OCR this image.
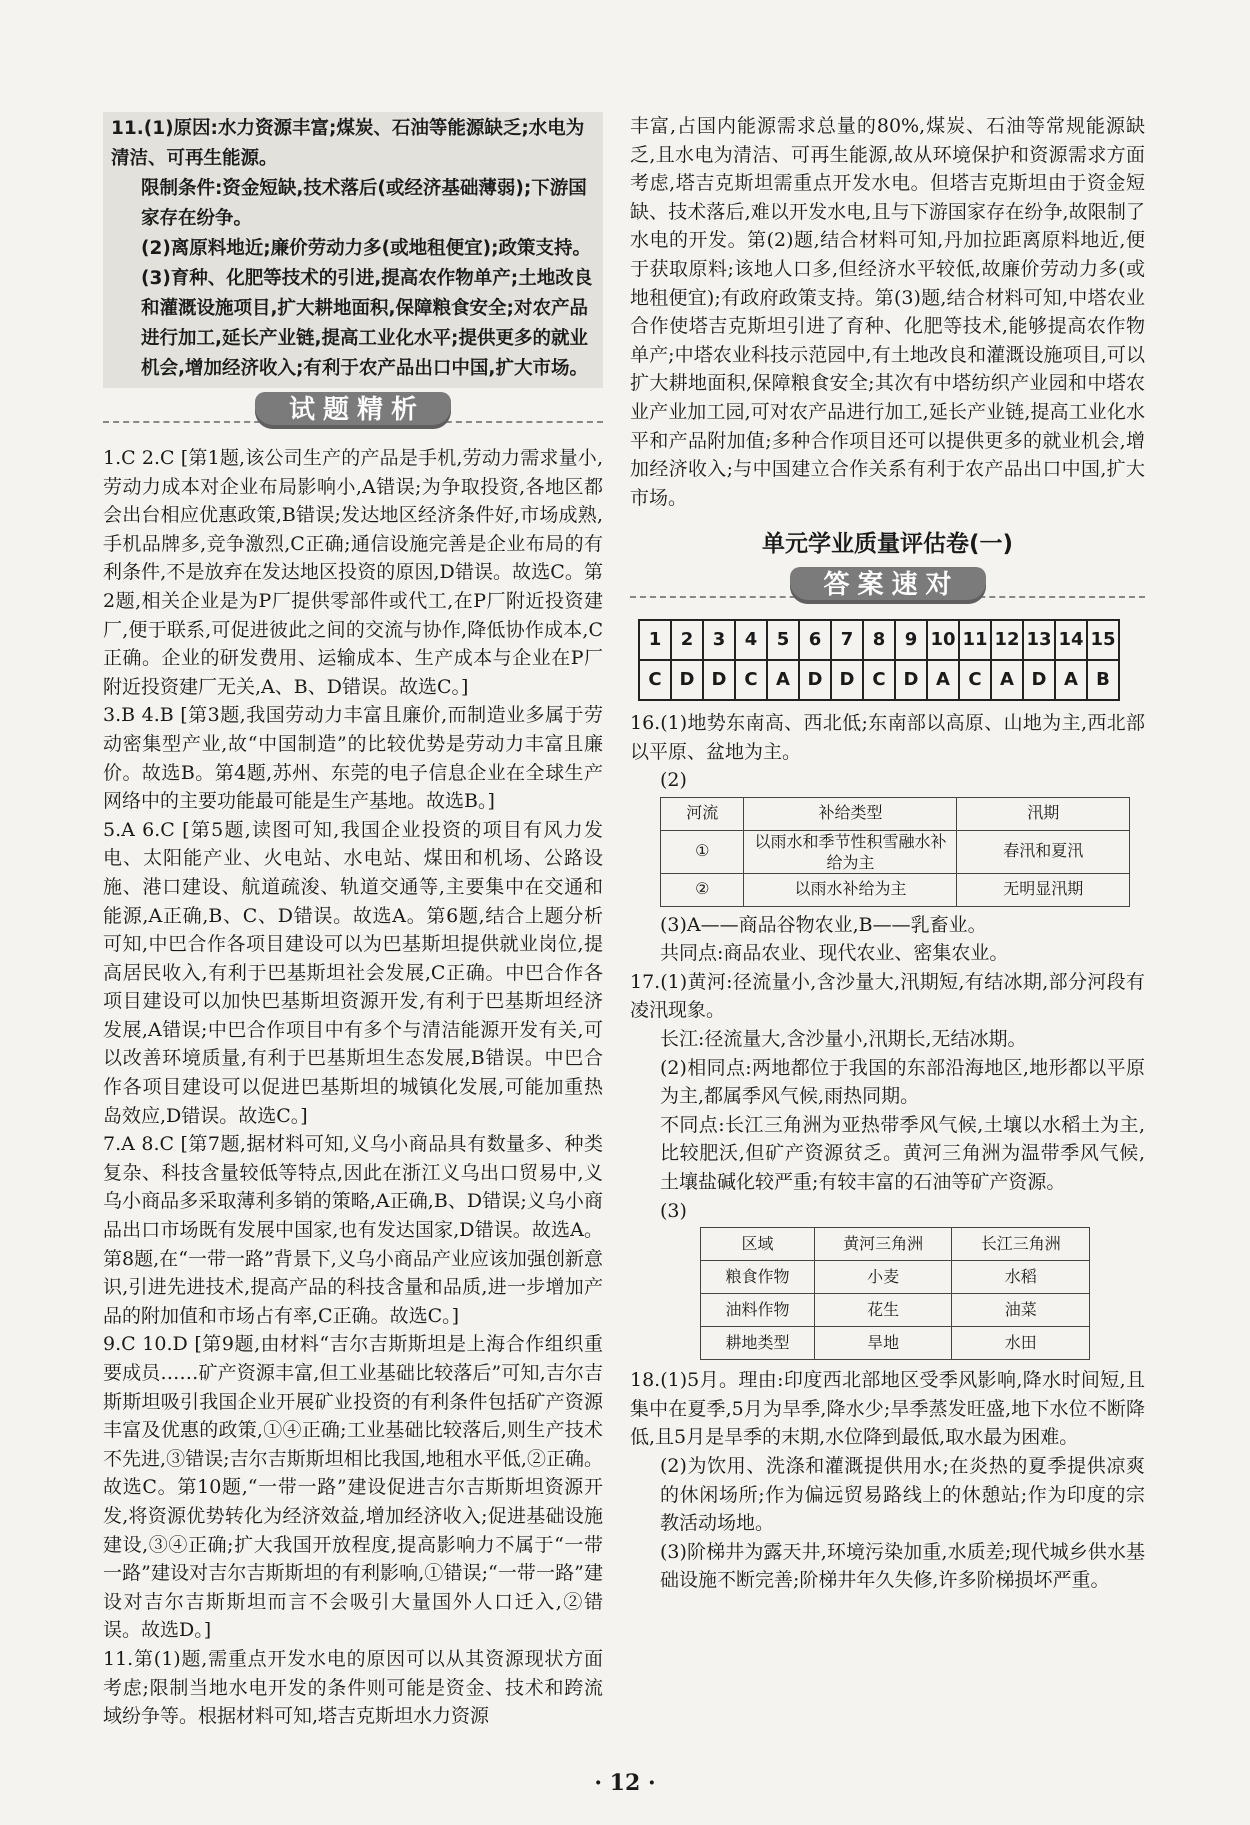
11.(1)原因:水力资源丰富;煤炭、石油等能源缺乏;水电为清洁、可再生能源。

限制条件:资金短缺,技术落后(或经济基础薄弱);下游国家存在纷争。

(2)离原料地近;廉价劳动力多(或地租便宜);政策支持。

(3)育种、化肥等技术的引进,提高农作物单产;土地改良和灌溉设施项目,扩大耕地面积,保障粮食安全;对农产品进行加工,延长产业链,提高工业化水平;提供更多的就业机会,增加经济收入;有利于农产品出口中国,扩大市场。

试题精析

1.C 2.C [第1题,该公司生产的产品是手机,劳动力需求量小,劳动力成本对企业布局影响小,A错误;为争取投资,各地区都会出台相应优惠政策,B错误;发达地区经济条件好,市场成熟,手机品牌多,竞争激烈,C正确;通信设施完善是企业布局的有利条件,不是放弃在发达地区投资的原因,D错误。故选C。第2题,相关企业是为P厂提供零部件或代工,在P厂附近投资建厂,便于联系,可促进彼此之间的交流与协作,降低协作成本,C正确。企业的研发费用、运输成本、生产成本与企业在P厂附近投资建厂无关,A、B、D错误。故选C。]

3.B 4.B [第3题,我国劳动力丰富且廉价,而制造业多属于劳动密集型产业,故“中国制造”的比较优势是劳动力丰富且廉价。故选B。第4题,苏州、东莞的电子信息企业在全球生产网络中的主要功能最可能是生产基地。故选B。]

5.A 6.C [第5题,读图可知,我国企业投资的项目有风力发电、太阳能产业、火电站、水电站、煤田和机场、公路设施、港口建设、航道疏浚、轨道交通等,主要集中在交通和能源,A正确,B、C、D错误。故选A。第6题,结合上题分析可知,中巴合作各项目建设可以为巴基斯坦提供就业岗位,提高居民收入,有利于巴基斯坦社会发展,C正确。中巴合作各项目建设可以加快巴基斯坦资源开发,有利于巴基斯坦经济发展,A错误;中巴合作项目中有多个与清洁能源开发有关,可以改善环境质量,有利于巴基斯坦生态发展,B错误。中巴合作各项目建设可以促进巴基斯坦的城镇化发展,可能加重热岛效应,D错误。故选C。]

7.A 8.C [第7题,据材料可知,义乌小商品具有数量多、种类复杂、科技含量较低等特点,因此在浙江义乌出口贸易中,义乌小商品多采取薄利多销的策略,A正确,B、D错误;义乌小商品出口市场既有发展中国家,也有发达国家,D错误。故选A。第8题,在“一带一路”背景下,义乌小商品产业应该加强创新意识,引进先进技术,提高产品的科技含量和品质,进一步增加产品的附加值和市场占有率,C正确。故选C。]

9.C 10.D [第9题,由材料“吉尔吉斯斯坦是上海合作组织重要成员……矿产资源丰富,但工业基础比较落后”可知,吉尔吉斯斯坦吸引我国企业开展矿业投资的有利条件包括矿产资源丰富及优惠的政策,①④正确;工业基础比较落后,则生产技术不先进,③错误;吉尔吉斯斯坦相比我国,地租水平低,②正确。故选C。第10题,“一带一路”建设促进吉尔吉斯斯坦资源开发,将资源优势转化为经济效益,增加经济收入;促进基础设施建设,③④正确;扩大我国开放程度,提高影响力不属于“一带一路”建设对吉尔吉斯斯坦的有利影响,①错误;“一带一路”建设对吉尔吉斯斯坦而言不会吸引大量国外人口迁入,②错误。故选D。]

11.第(1)题,需重点开发水电的原因可以从其资源现状方面考虑;限制当地水电开发的条件则可能是资金、技术和跨流域纷争等。根据材料可知,塔吉克斯坦水力资源

丰富,占国内能源需求总量的80%,煤炭、石油等常规能源缺乏,且水电为清洁、可再生能源,故从环境保护和资源需求方面考虑,塔吉克斯坦需重点开发水电。但塔吉克斯坦由于资金短缺、技术落后,难以开发水电,且与下游国家存在纷争,故限制了水电的开发。第(2)题,结合材料可知,丹加拉距离原料地近,便于获取原料;该地人口多,但经济水平较低,故廉价劳动力多(或地租便宜);有政府政策支持。第(3)题,结合材料可知,中塔农业合作使塔吉克斯坦引进了育种、化肥等技术,能够提高农作物单产;中塔农业科技示范园中,有土地改良和灌溉设施项目,可以扩大耕地面积,保障粮食安全;其次有中塔纺织产业园和中塔农业产业加工园,可对农产品进行加工,延长产业链,提高工业化水平和产品附加值;多种合作项目还可以提供更多的就业机会,增加经济收入;与中国建立合作关系有利于农产品出口中国,扩大市场。

单元学业质量评估卷(一)
答案速对
1	2	3	4	5	6	7	8	9	10	11	12	13	14	15
C	D	D	C	A	D	D	C	D	A	C	A	D	A	B

16.(1)地势东南高、西北低;东南部以高原、山地为主,西北部以平原、盆地为主。

(2)

河流	补给类型	汛期
①	以雨水和季节性积雪融水补给为主	春汛和夏汛
②	以雨水补给为主	无明显汛期

(3)A——商品谷物农业,B——乳畜业。

共同点:商品农业、现代农业、密集农业。

17.(1)黄河:径流量小,含沙量大,汛期短,有结冰期,部分河段有凌汛现象。

长江:径流量大,含沙量小,汛期长,无结冰期。

(2)相同点:两地都位于我国的东部沿海地区,地形都以平原为主,都属季风气候,雨热同期。

不同点:长江三角洲为亚热带季风气候,土壤以水稻土为主,比较肥沃,但矿产资源贫乏。黄河三角洲为温带季风气候,土壤盐碱化较严重;有较丰富的石油等矿产资源。

(3)

区域	黄河三角洲	长江三角洲
粮食作物	小麦	水稻
油料作物	花生	油菜
耕地类型	旱地	水田

18.(1)5月。理由:印度西北部地区受季风影响,降水时间短,且集中在夏季,5月为旱季,降水少;旱季蒸发旺盛,地下水位不断降低,且5月是旱季的末期,水位降到最低,取水最为困难。

(2)为饮用、洗涤和灌溉提供用水;在炎热的夏季提供凉爽的休闲场所;作为偏远贸易路线上的休憩站;作为印度的宗教活动场地。

(3)阶梯井为露天井,环境污染加重,水质差;现代城乡供水基础设施不断完善;阶梯井年久失修,许多阶梯损坏严重。

· 12 ·
